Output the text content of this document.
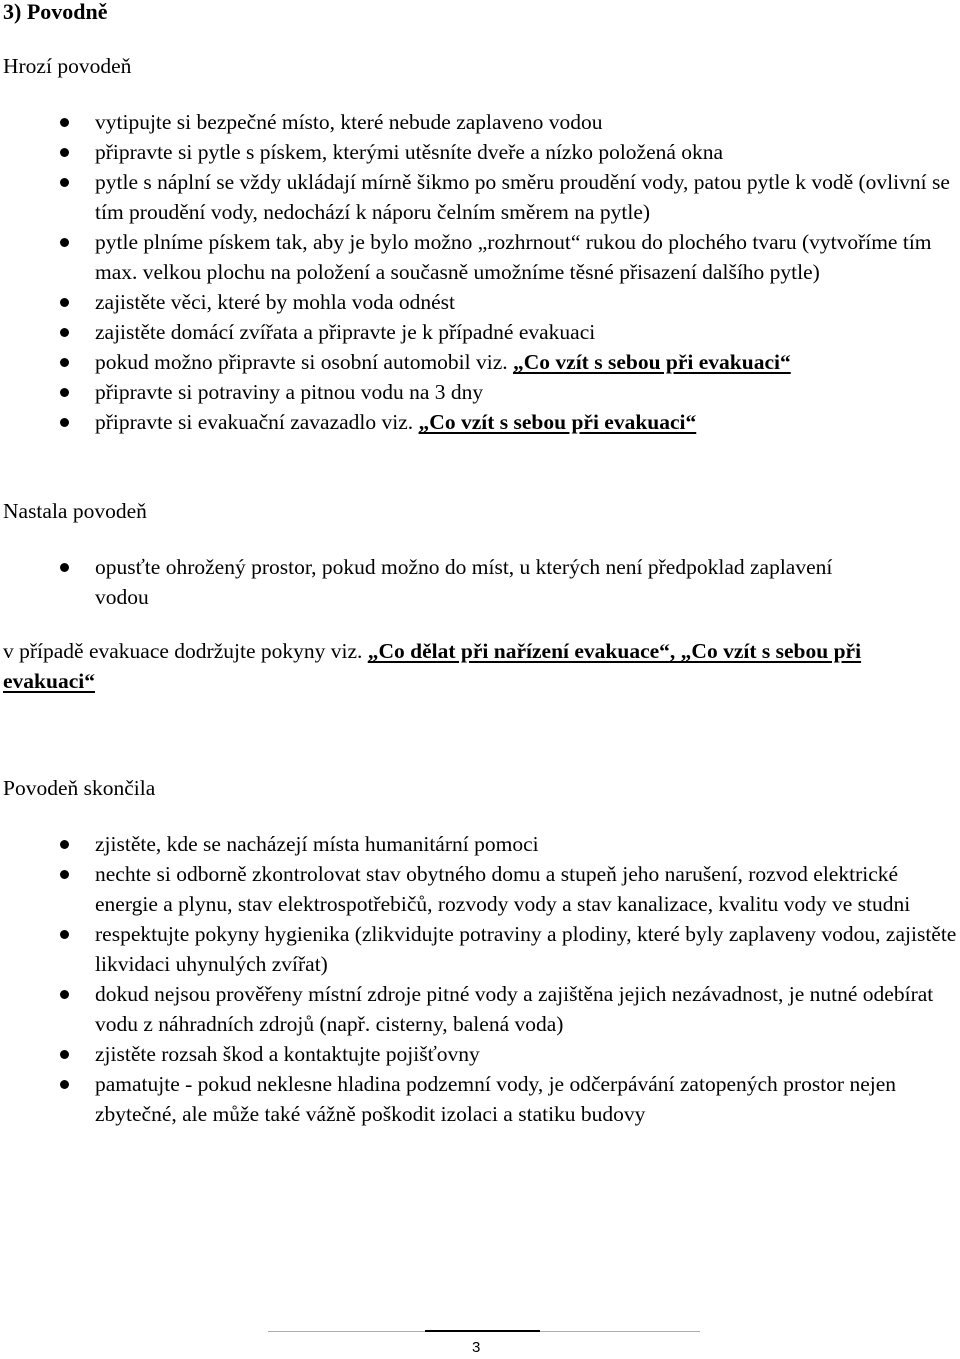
3) Povodně
Hrozí povodeň
vytipujte si bezpečné místo, které nebude zaplaveno vodou
připravte si pytle s pískem, kterými utěsníte dveře a nízko položená okna
pytle s náplní se vždy ukládají mírně šikmo po směru proudění vody, patou pytle k vodě (ovlivní se tím proudění vody, nedochází k náporu čelním směrem na pytle)
pytle plníme pískem tak, aby je bylo možno „rozhrnout“ rukou do plochého tvaru (vytvoříme tím max. velkou plochu na položení a současně umožníme těsné přisazení dalšího pytle)
zajistěte věci, které by mohla voda odnést
zajistěte domácí zvířata a připravte je k případné evakuaci
pokud možno připravte si osobní automobil viz. „Co vzít s sebou při evakuaci“
připravte si potraviny a pitnou vodu na 3 dny
připravte si evakuační zavazadlo viz. „Co vzít s sebou při evakuaci“
Nastala povodeň
opusťte ohrožený prostor, pokud možno do míst, u kterých není předpoklad zaplavení vodou
v případě evakuace dodržujte pokyny viz. „Co dělat při nařízení evakuace“, „Co vzít s sebou při evakuaci“
Povodeň skončila
zjistěte, kde se nacházejí místa humanitární pomoci
nechte si odborně zkontrolovat stav obytného domu a stupeň jeho narušení, rozvod elektrické energie a plynu, stav elektrospotřebičů, rozvody vody a stav kanalizace, kvalitu vody ve studni
respektujte pokyny hygienika (zlikvidujte potraviny a plodiny, které byly zaplaveny vodou, zajistěte likvidaci uhynulých zvířat)
dokud nejsou prověřeny místní zdroje pitné vody a zajištěna jejich nezávadnost, je nutné odebírat vodu z náhradních zdrojů (např. cisterny, balená voda)
zjistěte rozsah škod a kontaktujte pojišťovny
pamatujte - pokud neklesne hladina podzemní vody, je odčerpávání zatopených prostor nejen zbytečné, ale může také vážně poškodit izolaci a statiku budovy
3
